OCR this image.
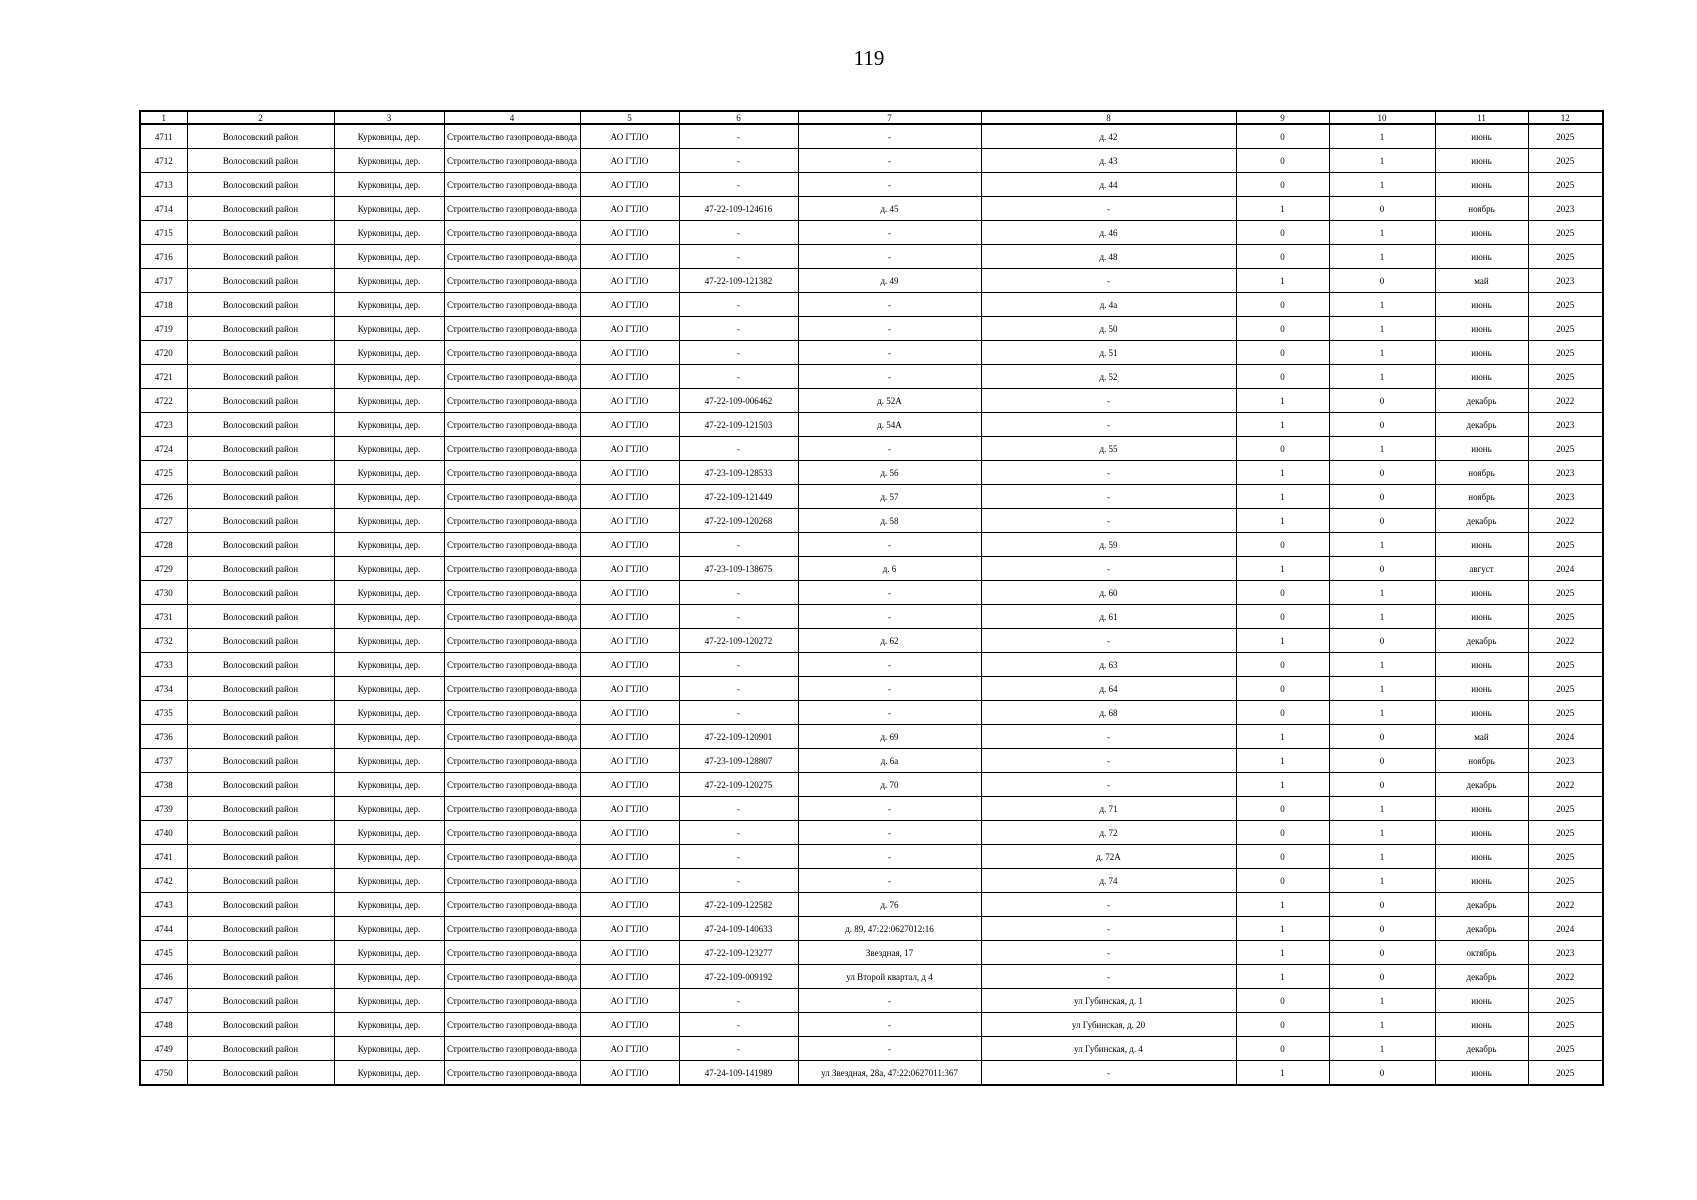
119
1	2	3	4	5	6	7	8	9	10	11	12
4711	Волосовский район	Курковицы, дер.	Строительство газопровода-ввода	АО ГТЛО	-	-	д. 42	0	1	июнь	2025
4712	Волосовский район	Курковицы, дер.	Строительство газопровода-ввода	АО ГТЛО	-	-	д. 43	0	1	июнь	2025
4713	Волосовский район	Курковицы, дер.	Строительство газопровода-ввода	АО ГТЛО	-	-	д. 44	0	1	июнь	2025
4714	Волосовский район	Курковицы, дер.	Строительство газопровода-ввода	АО ГТЛО	47-22-109-124616	д. 45	-	1	0	ноябрь	2023
4715	Волосовский район	Курковицы, дер.	Строительство газопровода-ввода	АО ГТЛО	-	-	д. 46	0	1	июнь	2025
4716	Волосовский район	Курковицы, дер.	Строительство газопровода-ввода	АО ГТЛО	-	-	д. 48	0	1	июнь	2025
4717	Волосовский район	Курковицы, дер.	Строительство газопровода-ввода	АО ГТЛО	47-22-109-121382	д. 49	-	1	0	май	2023
4718	Волосовский район	Курковицы, дер.	Строительство газопровода-ввода	АО ГТЛО	-	-	д. 4а	0	1	июнь	2025
4719	Волосовский район	Курковицы, дер.	Строительство газопровода-ввода	АО ГТЛО	-	-	д. 50	0	1	июнь	2025
4720	Волосовский район	Курковицы, дер.	Строительство газопровода-ввода	АО ГТЛО	-	-	д. 51	0	1	июнь	2025
4721	Волосовский район	Курковицы, дер.	Строительство газопровода-ввода	АО ГТЛО	-	-	д. 52	0	1	июнь	2025
4722	Волосовский район	Курковицы, дер.	Строительство газопровода-ввода	АО ГТЛО	47-22-109-006462	д. 52А	-	1	0	декабрь	2022
4723	Волосовский район	Курковицы, дер.	Строительство газопровода-ввода	АО ГТЛО	47-22-109-121503	д. 54А	-	1	0	декабрь	2023
4724	Волосовский район	Курковицы, дер.	Строительство газопровода-ввода	АО ГТЛО	-	-	д. 55	0	1	июнь	2025
4725	Волосовский район	Курковицы, дер.	Строительство газопровода-ввода	АО ГТЛО	47-23-109-128533	д. 56	-	1	0	ноябрь	2023
4726	Волосовский район	Курковицы, дер.	Строительство газопровода-ввода	АО ГТЛО	47-22-109-121449	д. 57	-	1	0	ноябрь	2023
4727	Волосовский район	Курковицы, дер.	Строительство газопровода-ввода	АО ГТЛО	47-22-109-120268	д. 58	-	1	0	декабрь	2022
4728	Волосовский район	Курковицы, дер.	Строительство газопровода-ввода	АО ГТЛО	-	-	д. 59	0	1	июнь	2025
4729	Волосовский район	Курковицы, дер.	Строительство газопровода-ввода	АО ГТЛО	47-23-109-138675	д. 6	-	1	0	август	2024
4730	Волосовский район	Курковицы, дер.	Строительство газопровода-ввода	АО ГТЛО	-	-	д. 60	0	1	июнь	2025
4731	Волосовский район	Курковицы, дер.	Строительство газопровода-ввода	АО ГТЛО	-	-	д. 61	0	1	июнь	2025
4732	Волосовский район	Курковицы, дер.	Строительство газопровода-ввода	АО ГТЛО	47-22-109-120272	д. 62	-	1	0	декабрь	2022
4733	Волосовский район	Курковицы, дер.	Строительство газопровода-ввода	АО ГТЛО	-	-	д. 63	0	1	июнь	2025
4734	Волосовский район	Курковицы, дер.	Строительство газопровода-ввода	АО ГТЛО	-	-	д. 64	0	1	июнь	2025
4735	Волосовский район	Курковицы, дер.	Строительство газопровода-ввода	АО ГТЛО	-	-	д. 68	0	1	июнь	2025
4736	Волосовский район	Курковицы, дер.	Строительство газопровода-ввода	АО ГТЛО	47-22-109-120901	д. 69	-	1	0	май	2024
4737	Волосовский район	Курковицы, дер.	Строительство газопровода-ввода	АО ГТЛО	47-23-109-128807	д. 6а	-	1	0	ноябрь	2023
4738	Волосовский район	Курковицы, дер.	Строительство газопровода-ввода	АО ГТЛО	47-22-109-120275	д. 70	-	1	0	декабрь	2022
4739	Волосовский район	Курковицы, дер.	Строительство газопровода-ввода	АО ГТЛО	-	-	д. 71	0	1	июнь	2025
4740	Волосовский район	Курковицы, дер.	Строительство газопровода-ввода	АО ГТЛО	-	-	д. 72	0	1	июнь	2025
4741	Волосовский район	Курковицы, дер.	Строительство газопровода-ввода	АО ГТЛО	-	-	д. 72А	0	1	июнь	2025
4742	Волосовский район	Курковицы, дер.	Строительство газопровода-ввода	АО ГТЛО	-	-	д. 74	0	1	июнь	2025
4743	Волосовский район	Курковицы, дер.	Строительство газопровода-ввода	АО ГТЛО	47-22-109-122582	д. 76	-	1	0	декабрь	2022
4744	Волосовский район	Курковицы, дер.	Строительство газопровода-ввода	АО ГТЛО	47-24-109-140633	д. 89, 47:22:0627012:16	-	1	0	декабрь	2024
4745	Волосовский район	Курковицы, дер.	Строительство газопровода-ввода	АО ГТЛО	47-22-109-123277	Звездная, 17	-	1	0	октябрь	2023
4746	Волосовский район	Курковицы, дер.	Строительство газопровода-ввода	АО ГТЛО	47-22-109-009192	ул Второй квартал, д 4	-	1	0	декабрь	2022
4747	Волосовский район	Курковицы, дер.	Строительство газопровода-ввода	АО ГТЛО	-	-	ул Губинская, д. 1	0	1	июнь	2025
4748	Волосовский район	Курковицы, дер.	Строительство газопровода-ввода	АО ГТЛО	-	-	ул Губинская, д. 20	0	1	июнь	2025
4749	Волосовский район	Курковицы, дер.	Строительство газопровода-ввода	АО ГТЛО	-	-	ул Губинская, д. 4	0	1	декабрь	2025
4750	Волосовский район	Курковицы, дер.	Строительство газопровода-ввода	АО ГТЛО	47-24-109-141989	ул Звездная, 28а, 47:22:0627011:367	-	1	0	июнь	2025
